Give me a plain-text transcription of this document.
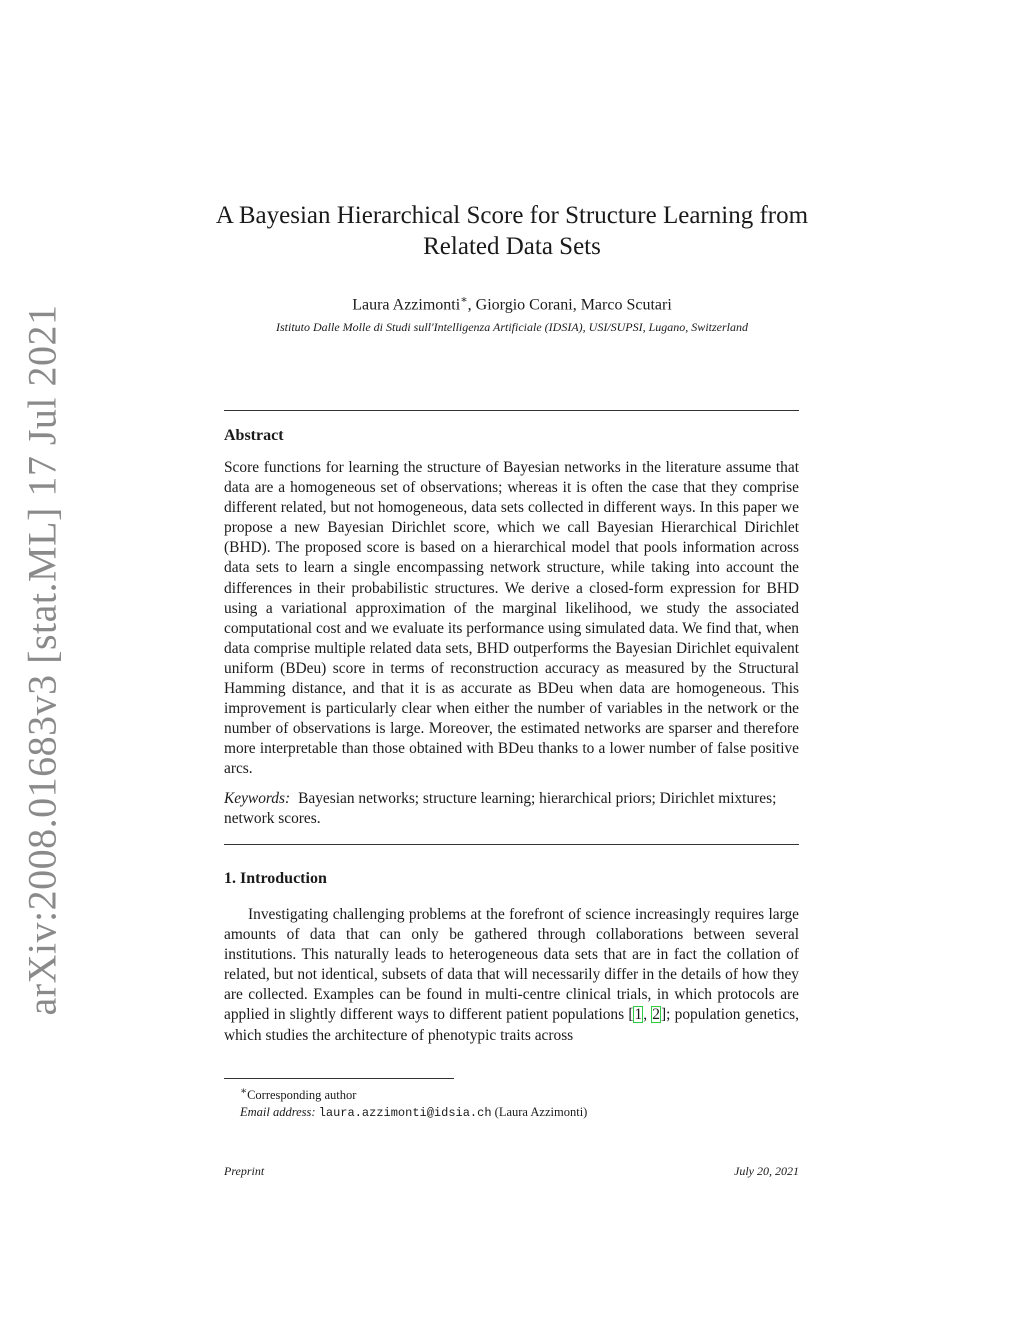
arXiv:2008.01683v3 [stat.ML] 17 Jul 2021
A Bayesian Hierarchical Score for Structure Learning from Related Data Sets
Laura Azzimonti∗, Giorgio Corani, Marco Scutari
Istituto Dalle Molle di Studi sull'Intelligenza Artificiale (IDSIA), USI/SUPSI, Lugano, Switzerland
Abstract
Score functions for learning the structure of Bayesian networks in the literature assume that data are a homogeneous set of observations; whereas it is often the case that they comprise different related, but not homogeneous, data sets collected in different ways. In this paper we propose a new Bayesian Dirichlet score, which we call Bayesian Hierarchical Dirichlet (BHD). The proposed score is based on a hierarchical model that pools information across data sets to learn a single encompassing network structure, while taking into account the differences in their probabilistic structures. We derive a closed-form expression for BHD using a variational approximation of the marginal likelihood, we study the associated computational cost and we evaluate its performance using simulated data. We find that, when data comprise multiple related data sets, BHD outperforms the Bayesian Dirichlet equivalent uniform (BDeu) score in terms of reconstruction accuracy as measured by the Structural Hamming distance, and that it is as accurate as BDeu when data are homogeneous. This improvement is particularly clear when either the number of variables in the network or the number of observations is large. Moreover, the estimated networks are sparser and therefore more interpretable than those obtained with BDeu thanks to a lower number of false positive arcs.
Keywords: Bayesian networks; structure learning; hierarchical priors; Dirichlet mixtures; network scores.
1. Introduction
Investigating challenging problems at the forefront of science increasingly requires large amounts of data that can only be gathered through collaborations between several institutions. This naturally leads to heterogeneous data sets that are in fact the collation of related, but not identical, subsets of data that will necessarily differ in the details of how they are collected. Examples can be found in multi-centre clinical trials, in which protocols are applied in slightly different ways to different patient populations [1, 2]; population genetics, which studies the architecture of phenotypic traits across
∗Corresponding author
Email address: laura.azzimonti@idsia.ch (Laura Azzimonti)
Preprint	July 20, 2021
